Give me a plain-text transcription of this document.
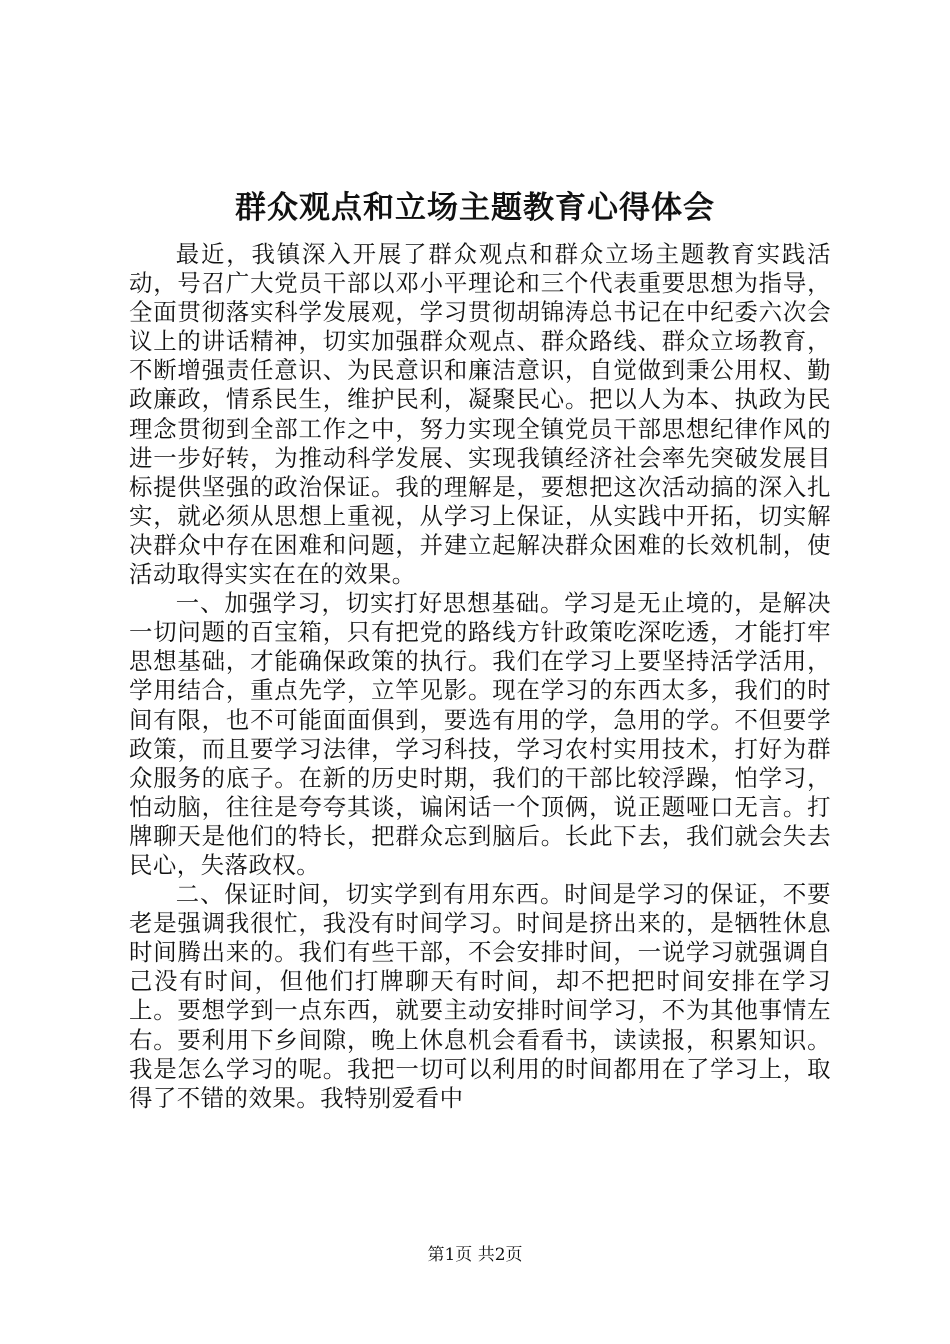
群众观点和立场主题教育心得体会

最近，我镇深入开展了群众观点和群众立场主题教育实践活动，号召广大党员干部以邓小平理论和三个代表重要思想为指导，全面贯彻落实科学发展观，学习贯彻胡锦涛总书记在中纪委六次会议上的讲话精神，切实加强群众观点、群众路线、群众立场教育，不断增强责任意识、为民意识和廉洁意识，自觉做到秉公用权、勤政廉政，情系民生，维护民利，凝聚民心。把以人为本、执政为民理念贯彻到全部工作之中，努力实现全镇党员干部思想纪律作风的进一步好转，为推动科学发展、实现我镇经济社会率先突破发展目标提供坚强的政治保证。我的理解是，要想把这次活动搞的深入扎实，就必须从思想上重视，从学习上保证，从实践中开拓，切实解决群众中存在困难和问题，并建立起解决群众困难的长效机制，使活动取得实实在在的效果。

一、加强学习，切实打好思想基础。学习是无止境的，是解决一切问题的百宝箱，只有把党的路线方针政策吃深吃透，才能打牢思想基础，才能确保政策的执行。我们在学习上要坚持活学活用，学用结合，重点先学，立竿见影。现在学习的东西太多，我们的时间有限，也不可能面面俱到，要选有用的学，急用的学。不但要学政策，而且要学习法律，学习科技，学习农村实用技术，打好为群众服务的底子。在新的历史时期，我们的干部比较浮躁，怕学习，怕动脑，往往是夸夸其谈，谝闲话一个顶俩，说正题哑口无言。打牌聊天是他们的特长，把群众忘到脑后。长此下去，我们就会失去民心，失落政权。

二、保证时间，切实学到有用东西。时间是学习的保证，不要老是强调我很忙，我没有时间学习。时间是挤出来的，是牺牲休息时间腾出来的。我们有些干部，不会安排时间，一说学习就强调自己没有时间，但他们打牌聊天有时间，却不把把时间安排在学习上。要想学到一点东西，就要主动安排时间学习，不为其他事情左右。要利用下乡间隙，晚上休息机会看看书，读读报，积累知识。我是怎么学习的呢。我把一切可以利用的时间都用在了学习上，取得了不错的效果。我特别爱看中

第1页 共2页
